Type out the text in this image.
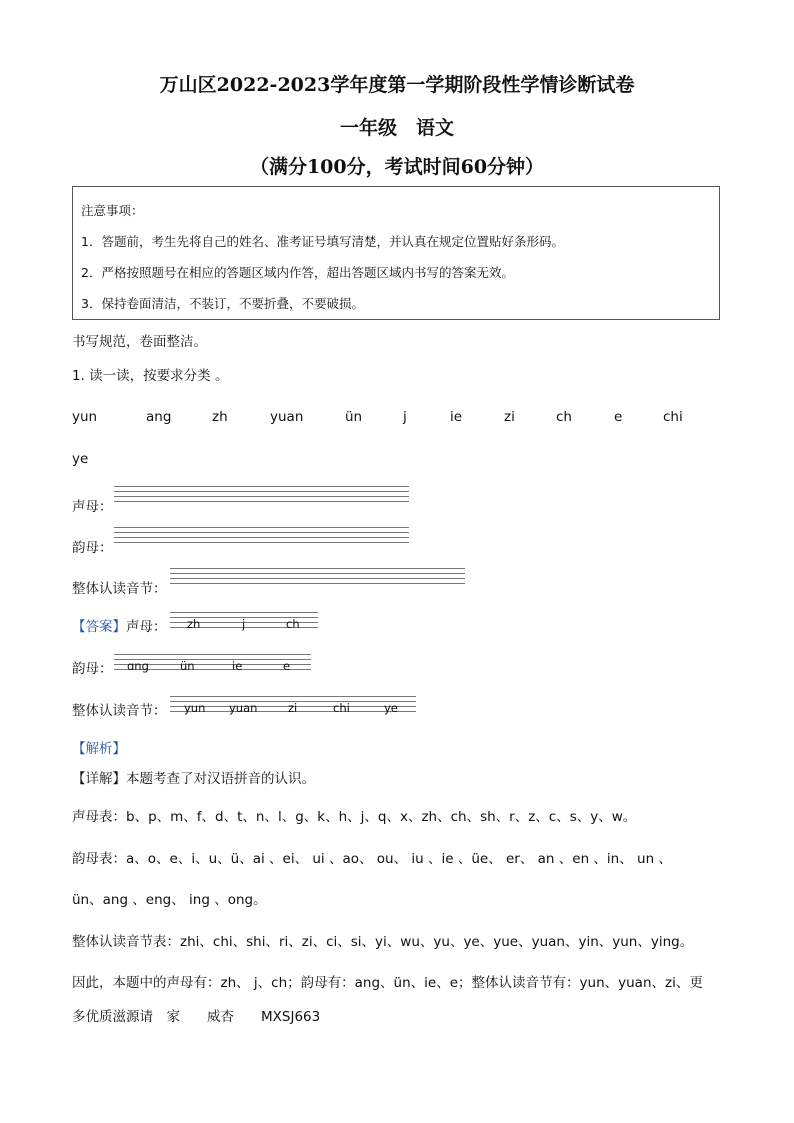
万山区2022-2023学年度第一学期阶段性学情诊断试卷
一年级　语文
（满分100分，考试时间60分钟）
注意事项：
1．答题前，考生先将自己的姓名、准考证号填写清楚，并认真在规定位置贴好条形码。
2．严格按照题号在相应的答题区域内作答，超出答题区域内书写的答案无效。
3．保持卷面清洁，不装订，不要折叠，不要破损。
书写规范，卷面整洁。
1. 读一读，按要求分类 。
yun	ang	zh	yuan	ün	j	ie	zi	ch	e	chi
ye
声母：
韵母：
整体认读音节：
【答案】 声母： zh	j	ch
韵母： ɑng	ün	ie	e
整体认读音节： yun yuan	zi	chi	ye
【解析】
【详解】本题考查了对汉语拼音的认识。
声母表：b、p、m、f、d、t、n、l、g、k、h、j、q、x、zh、ch、sh、r、z、c、s、y、w。
韵母表：a、o、e、i、u、ü、ai 、ei、 ui 、ao、 ou、 iu 、ie 、üe、 er、 an 、en 、in、 un 、
ün、ang 、eng、 ing 、ong。
整体认读音节表：zhi、chi、shi、ri、zi、ci、si、yi、wu、yu、ye、yue、yuan、yin、yun、ying。
因此，本题中的声母有：zh、 j、ch；韵母有：ang、ün、ie、e；整体认读音节有：yun、yuan、zi、更
多优质滋源请　家　　威杏　　MXSJ663
